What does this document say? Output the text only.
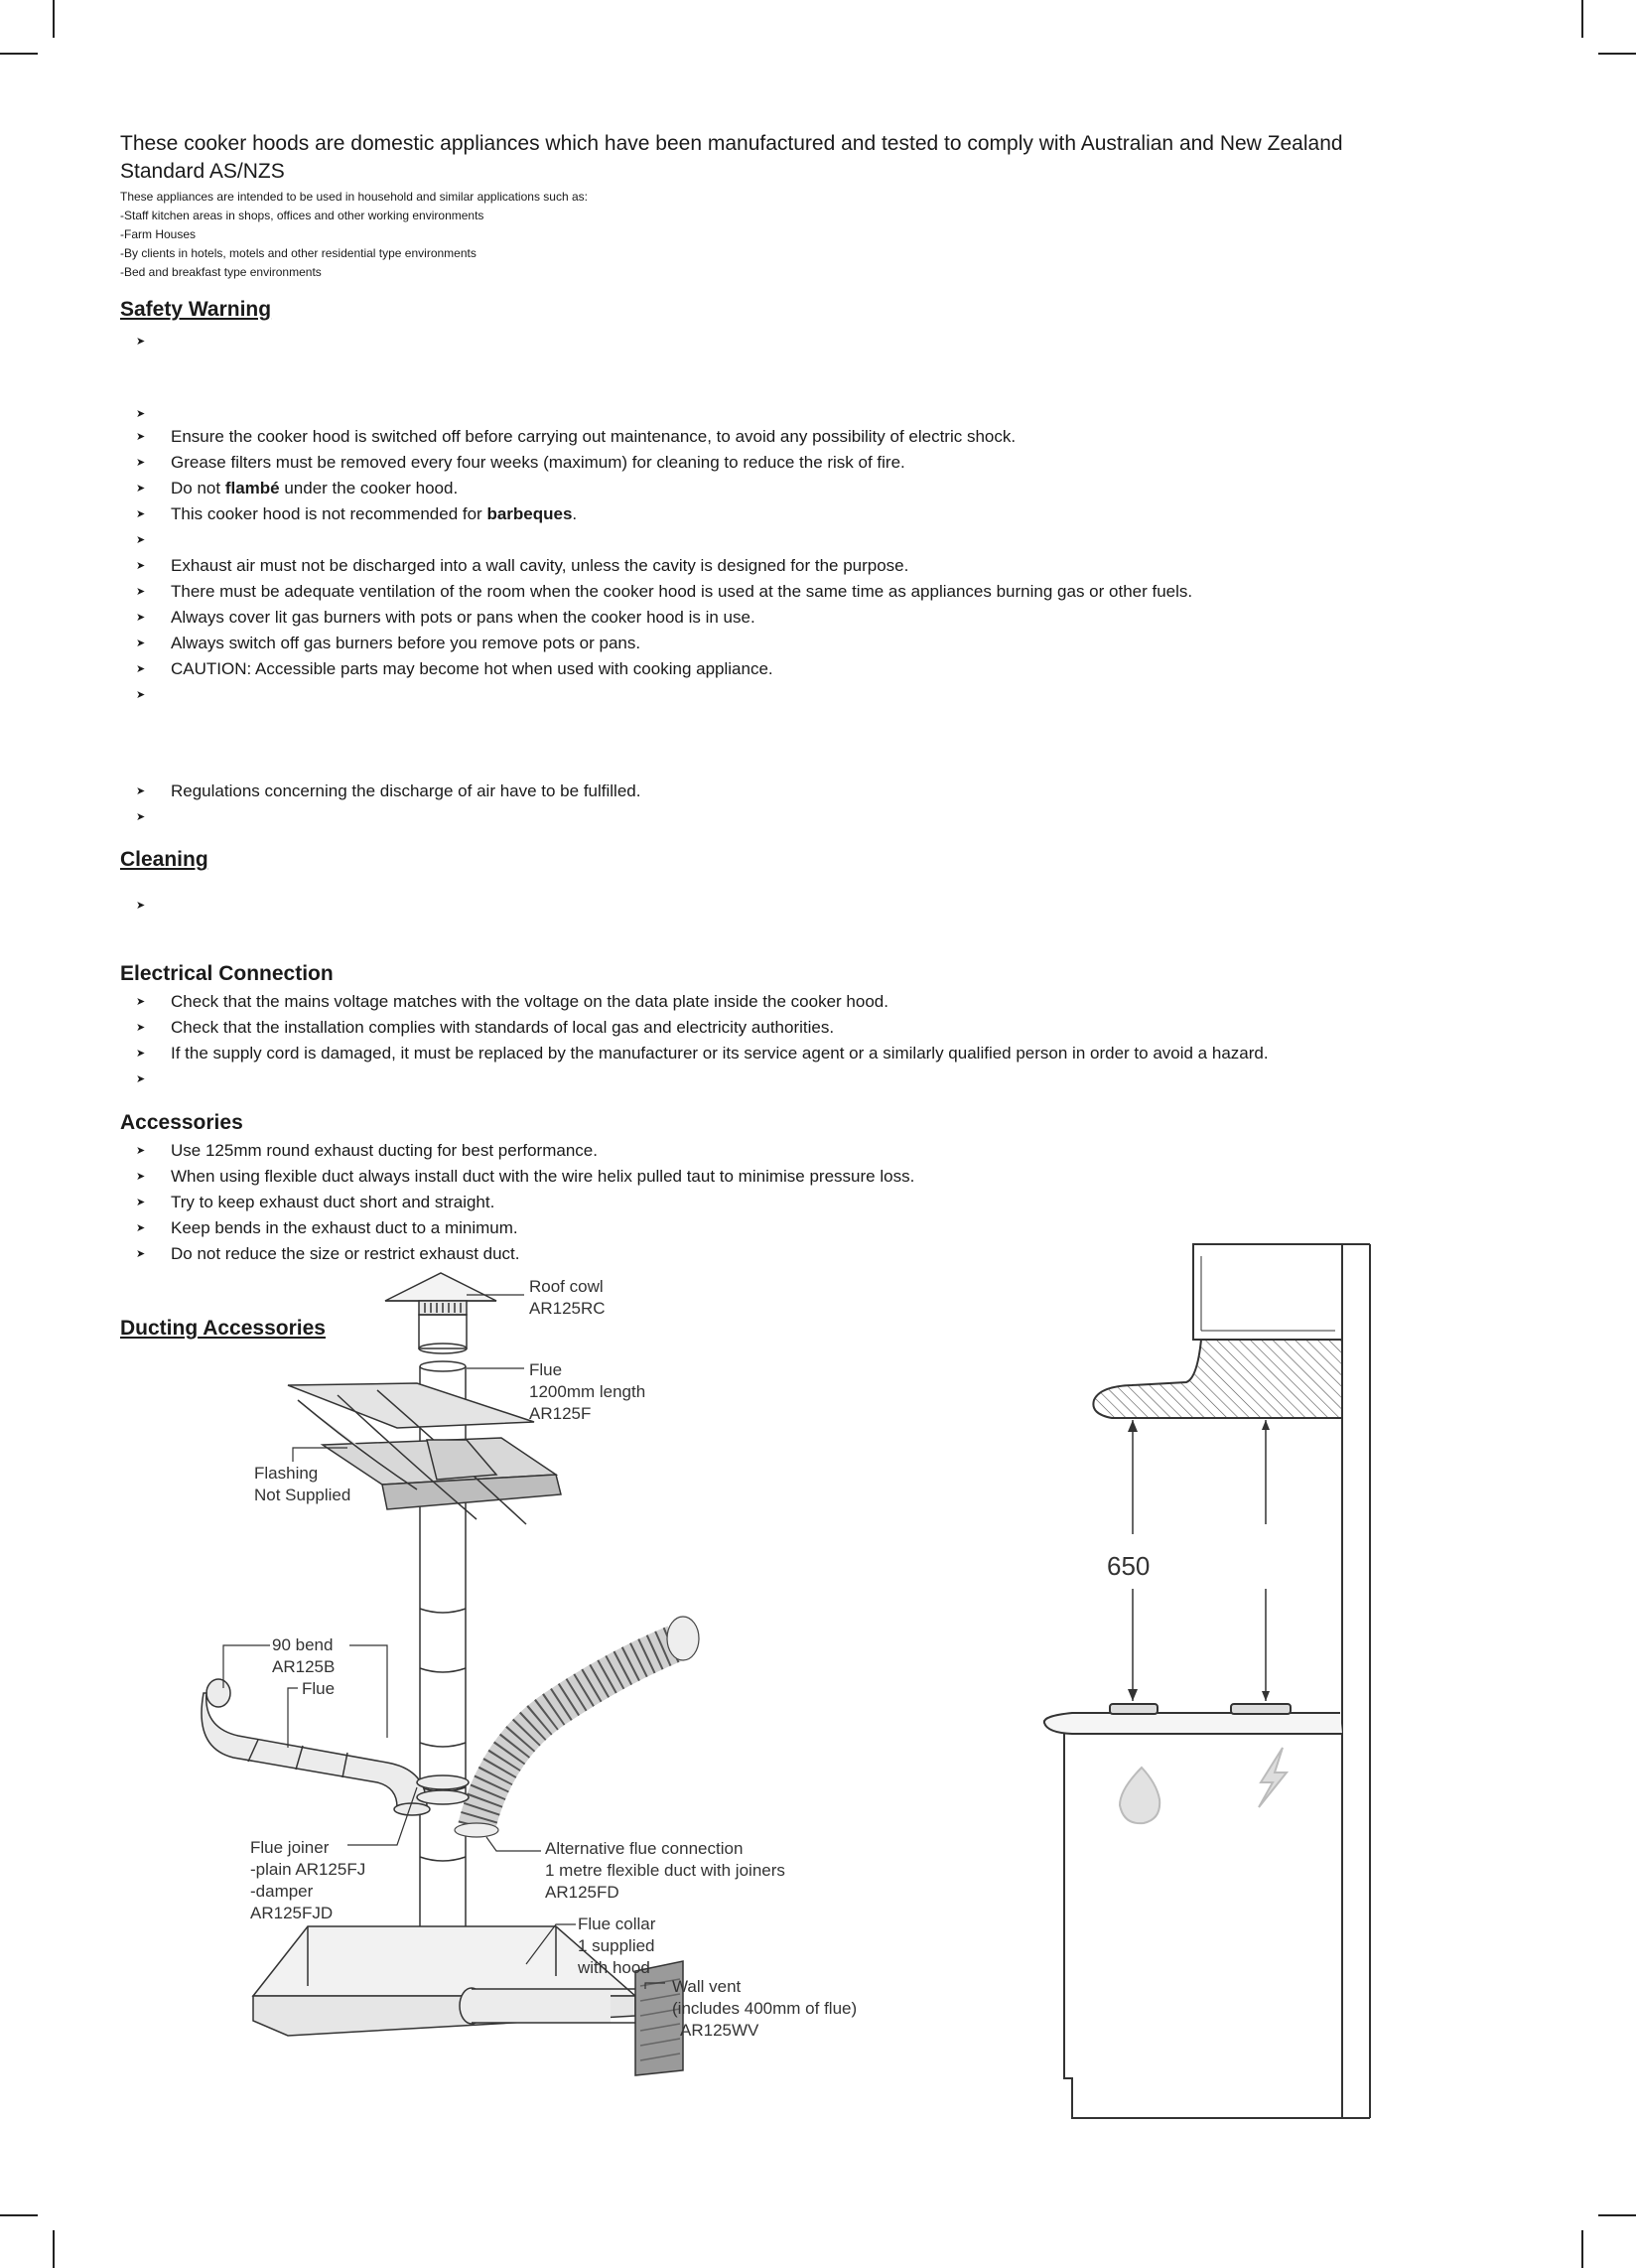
These cooker hoods are domestic appliances which have been manufactured and tested to comply with Australian and New Zealand
Standard AS/NZS
These appliances are intended to be used in household and similar applications such as:
-Staff kitchen areas in shops, offices and other working environments
-Farm Houses
-By clients in hotels, motels and other residential type environments
-Bed and breakfast type environments
Safety Warning
➤
➤
➤ Ensure the cooker hood is switched off before carrying out maintenance, to avoid any possibility of electric shock.
➤ Grease filters must be removed every four weeks (maximum) for cleaning to reduce the risk of fire.
➤ Do not flambé under the cooker hood.
➤ This cooker hood is not recommended for barbeques.
➤
➤ Exhaust air must not be discharged into a wall cavity, unless the cavity is designed for the purpose.
➤ There must be adequate ventilation of the room when the cooker hood is used at the same time as appliances burning gas or other fuels.
➤ Always cover lit gas burners with pots or pans when the cooker hood is in use.
➤ Always switch off gas burners before you remove pots or pans.
➤ CAUTION: Accessible parts may become hot when used with cooking appliance.
➤
➤ Regulations concerning the discharge of air have to be fulfilled.
➤
Cleaning
➤
Electrical Connection
➤ Check that the mains voltage matches with the voltage on the data plate inside the cooker hood.
➤ Check that the installation complies with standards of local gas and electricity authorities.
➤ If the supply cord is damaged, it must be replaced by the manufacturer or its service agent or a similarly qualified person in order to avoid a hazard.
➤
Accessories
➤ Use 125mm round exhaust ducting for best performance.
➤ When using flexible duct always install duct with the wire helix pulled taut to minimise pressure loss.
➤ Try to keep exhaust duct short and straight.
➤ Keep bends in the exhaust duct to a minimum.
➤ Do not reduce the size or restrict exhaust duct.
Ducting Accessories
Roof cowl
AR125RC
Flue
1200mm length
AR125F
Flashing
Not Supplied
90 bend
AR125B
Flue
Flue joiner
-plain AR125FJ
-damper
AR125FJD
Alternative flue connection
1 metre flexible duct with joiners
AR125FD
Flue collar
1 supplied
with hood
Wall vent
(includes 400mm of flue)
AR125WV
650
